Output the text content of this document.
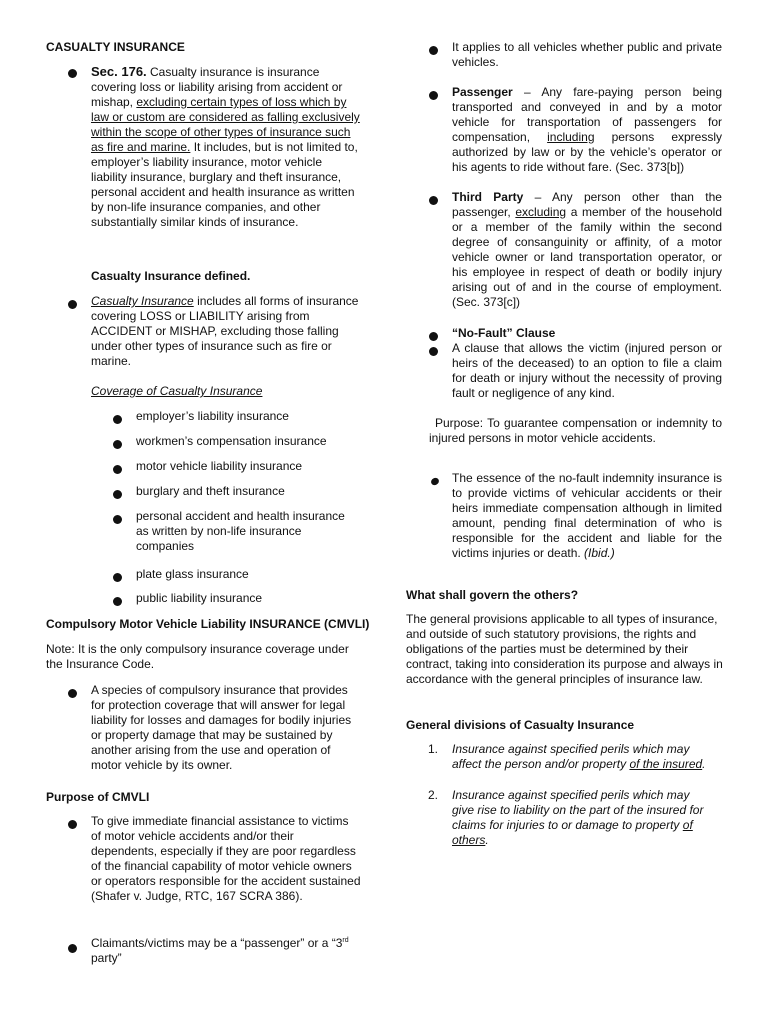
CASUALTY INSURANCE
Sec. 176. Casualty insurance is insurance covering loss or liability arising from accident or mishap, excluding certain types of loss which by law or custom are considered as falling exclusively within the scope of other types of insurance such as fire and marine. It includes, but is not limited to, employer’s liability insurance, motor vehicle liability insurance, burglary and theft insurance, personal accident and health insurance as written by non-life insurance companies, and other substantially similar kinds of insurance.
Casualty Insurance defined.
Casualty Insurance includes all forms of insurance covering LOSS or LIABILITY arising from ACCIDENT or MISHAP, excluding those falling under other types of insurance such as fire or marine.
Coverage of Casualty Insurance
employer’s liability insurance
workmen’s compensation insurance
motor vehicle liability insurance
burglary and theft insurance
personal accident and health insurance as written by non-life insurance companies
plate glass insurance
public liability insurance
Compulsory Motor Vehicle Liability INSURANCE (CMVLI)
Note: It is the only compulsory insurance coverage under the Insurance Code.
A species of compulsory insurance that provides for protection coverage that will answer for legal liability for losses and damages for bodily injuries or property damage that may be sustained by another arising from the use and operation of motor vehicle by its owner.
Purpose of CMVLI
To give immediate financial assistance to victims of motor vehicle accidents and/or their dependents, especially if they are poor regardless of the financial capability of motor vehicle owners or operators responsible for the accident sustained (Shafer v. Judge, RTC, 167 SCRA 386).
Claimants/victims may be a “passenger” or a “3rd
party”
It applies to all vehicles whether public and private vehicles.
Passenger – Any fare-paying person being transported and conveyed in and by a motor vehicle for transportation of passengers for compensation, including persons expressly authorized by law or by the vehicle’s operator or his agents to ride without fare. (Sec. 373[b])
Third Party – Any person other than the passenger, excluding a member of the household or a member of the family within the second degree of consanguinity or affinity, of a motor vehicle owner or land transportation operator, or his employee in respect of death or bodily injury arising out of and in the course of employment. (Sec. 373[c])
“No-Fault” Clause
A clause that allows the victim (injured person or heirs of the deceased) to an option to file a claim for death or injury without the necessity of proving fault or negligence of any kind.
Purpose: To guarantee compensation or indemnity to injured persons in motor vehicle accidents.
The essence of the no-fault indemnity insurance is to provide victims of vehicular accidents or their heirs immediate compensation although in limited amount, pending final determination of who is responsible for the accident and liable for the victims injuries or death. (Ibid.)
What shall govern the others?
The general provisions applicable to all types of insurance, and outside of such statutory provisions, the rights and obligations of the parties must be determined by their contract, taking into consideration its purpose and always in accordance with the general principles of insurance law.
General divisions of Casualty Insurance
1. Insurance against specified perils which may affect the person and/or property of the insured.
2. Insurance against specified perils which may give rise to liability on the part of the insured for claims for injuries to or damage to property of others.
